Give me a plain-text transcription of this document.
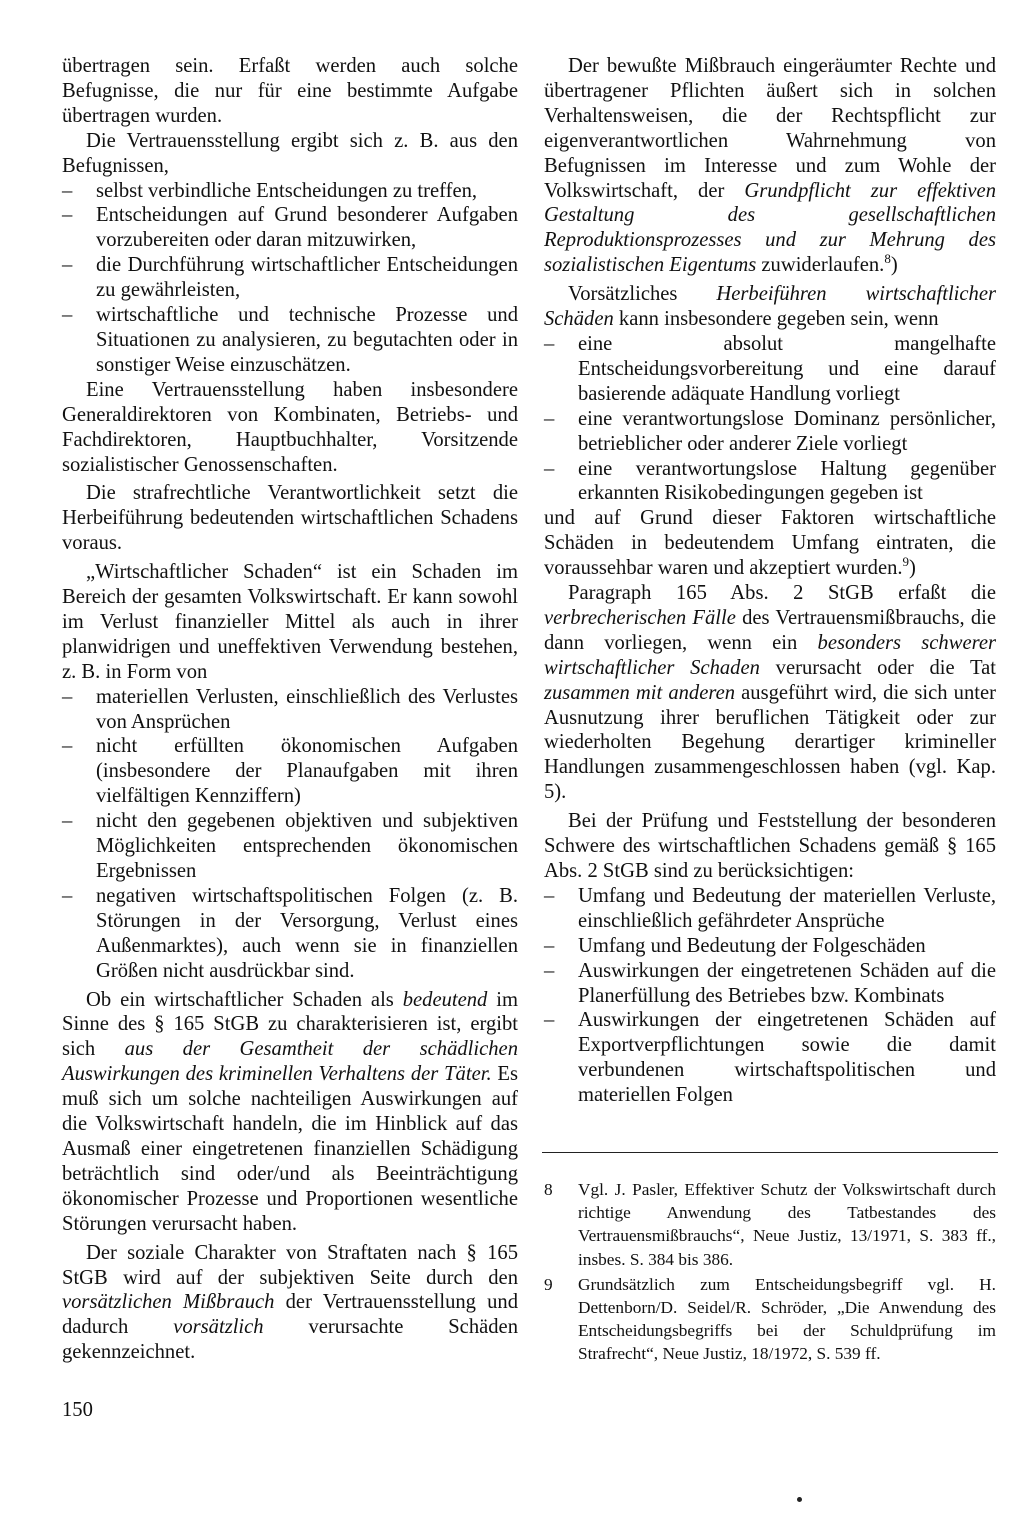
übertragen sein. Erfaßt werden auch solche Befugnisse, die nur für eine bestimmte Aufgabe übertragen wurden.

Die Vertrauensstellung ergibt sich z. B. aus den Befugnissen,

– selbst verbindliche Entscheidungen zu treffen,
– Entscheidungen auf Grund besonderer Aufgaben vorzubereiten oder daran mitzuwirken,
– die Durchführung wirtschaftlicher Entscheidungen zu gewährleisten,
– wirtschaftliche und technische Prozesse und Situationen zu analysieren, zu begutachten oder in sonstiger Weise einzuschätzen.

Eine Vertrauensstellung haben insbesondere Generaldirektoren von Kombinaten, Betriebs- und Fachdirektoren, Hauptbuchhalter, Vorsitzende sozialistischer Genossenschaften.

Die strafrechtliche Verantwortlichkeit setzt die Herbeiführung bedeutenden wirtschaftlichen Schadens voraus.

„Wirtschaftlicher Schaden“ ist ein Schaden im Bereich der gesamten Volkswirtschaft. Er kann sowohl im Verlust finanzieller Mittel als auch in ihrer planwidrigen und uneffektiven Verwendung bestehen, z. B. in Form von

– materiellen Verlusten, einschließlich des Verlustes von Ansprüchen
– nicht erfüllten ökonomischen Aufgaben (insbesondere der Planaufgaben mit ihren vielfältigen Kennziffern)
– nicht den gegebenen objektiven und subjektiven Möglichkeiten entsprechenden ökonomischen Ergebnissen
– negativen wirtschaftspolitischen Folgen (z. B. Störungen in der Versorgung, Verlust eines Außenmarktes), auch wenn sie in finanziellen Größen nicht ausdrückbar sind.

Ob ein wirtschaftlicher Schaden als bedeutend im Sinne des § 165 StGB zu charakterisieren ist, ergibt sich aus der Gesamtheit der schädlichen Auswirkungen des kriminellen Verhaltens der Täter. Es muß sich um solche nachteiligen Auswirkungen auf die Volkswirtschaft handeln, die im Hinblick auf das Ausmaß einer eingetretenen finanziellen Schädigung beträchtlich sind oder/und als Beeinträchtigung ökonomischer Prozesse und Proportionen wesentliche Störungen verursacht haben.

Der soziale Charakter von Straftaten nach § 165 StGB wird auf der subjektiven Seite durch den vorsätzlichen Mißbrauch der Vertrauensstellung und dadurch vorsätzlich verursachte Schäden gekennzeichnet.

Der bewußte Mißbrauch eingeräumter Rechte und übertragener Pflichten äußert sich in solchen Verhaltensweisen, die der Rechtspflicht zur eigenverantwortlichen Wahrnehmung von Befugnissen im Interesse und zum Wohle der Volkswirtschaft, der Grundpflicht zur effektiven Gestaltung des gesellschaftlichen Reproduktionsprozesses und zur Mehrung des sozialistischen Eigentums zuwiderlaufen.$^8$)

Vorsätzliches Herbeiführen wirtschaftlicher Schäden kann insbesondere gegeben sein, wenn

– eine absolut mangelhafte Entscheidungsvorbereitung und eine darauf basierende adäquate Handlung vorliegt
– eine verantwortungslose Dominanz persönlicher, betrieblicher oder anderer Ziele vorliegt
– eine verantwortungslose Haltung gegenüber erkannten Risikobedingungen gegeben ist

und auf Grund dieser Faktoren wirtschaftliche Schäden in bedeutendem Umfang eintraten, die voraussehbar waren und akzeptiert wurden.$^9$)

Paragraph 165 Abs. 2 StGB erfaßt die verbrecherischen Fälle des Vertrauensmißbrauchs, die dann vorliegen, wenn ein besonders schwerer wirtschaftlicher Schaden verursacht oder die Tat zusammen mit anderen ausgeführt wird, die sich unter Ausnutzung ihrer beruflichen Tätigkeit oder zur wiederholten Begehung derartiger krimineller Handlungen zusammengeschlossen haben (vgl. Kap. 5).

Bei der Prüfung und Feststellung der besonderen Schwere des wirtschaftlichen Schadens gemäß § 165 Abs. 2 StGB sind zu berücksichtigen:

– Umfang und Bedeutung der materiellen Verluste, einschließlich gefährdeter Ansprüche
– Umfang und Bedeutung der Folgeschäden
– Auswirkungen der eingetretenen Schäden auf die Planerfüllung des Betriebes bzw. Kombinats
– Auswirkungen der eingetretenen Schäden auf Exportverpflichtungen sowie die damit verbundenen wirtschaftspolitischen und materiellen Folgen
8 Vgl. J. Pasler, Effektiver Schutz der Volkswirtschaft durch richtige Anwendung des Tatbestandes des Vertrauensmißbrauchs“, Neue Justiz, 13/1971, S. 383 ff., insbes. S. 384 bis 386.
9 Grundsätzlich zum Entscheidungsbegriff vgl. H. Dettenborn/D. Seidel/R. Schröder, „Die Anwendung des Entscheidungsbegriffs bei der Schuldprüfung im Strafrecht“, Neue Justiz, 18/1972, S. 539 ff.
150
